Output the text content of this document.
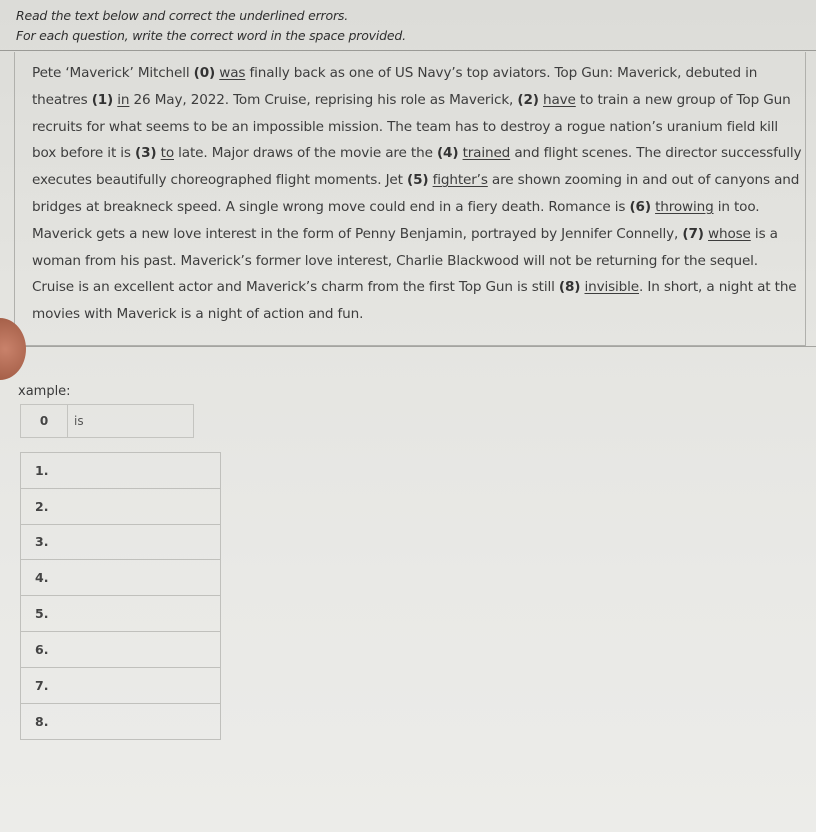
Read the text below and correct the underlined errors.
For each question, write the correct word in the space provided.
Pete ‘Maverick’ Mitchell (0) was finally back as one of US Navy’s top aviators. Top Gun: Maverick, debuted in theatres (1) in 26 May, 2022. Tom Cruise, reprising his role as Maverick, (2) have to train a new group of Top Gun recruits for what seems to be an impossible mission. The team has to destroy a rogue nation’s uranium field kill box before it is (3) to late. Major draws of the movie are the (4) trained and flight scenes. The director successfully executes beautifully choreographed flight moments. Jet (5) fighter’s are shown zooming in and out of canyons and bridges at breakneck speed. A single wrong move could end in a fiery death. Romance is (6) throwing in too. Maverick gets a new love interest in the form of Penny Benjamin, portrayed by Jennifer Connelly, (7) whose is a woman from his past. Maverick’s former love interest, Charlie Blackwood will not be returning for the sequel. Cruise is an excellent actor and Maverick’s charm from the first Top Gun is still (8) invisible. In short, a night at the movies with Maverick is a night of action and fun.
xample:
0	is
1.
2.
3.
4.
5.
6.
7.
8.
